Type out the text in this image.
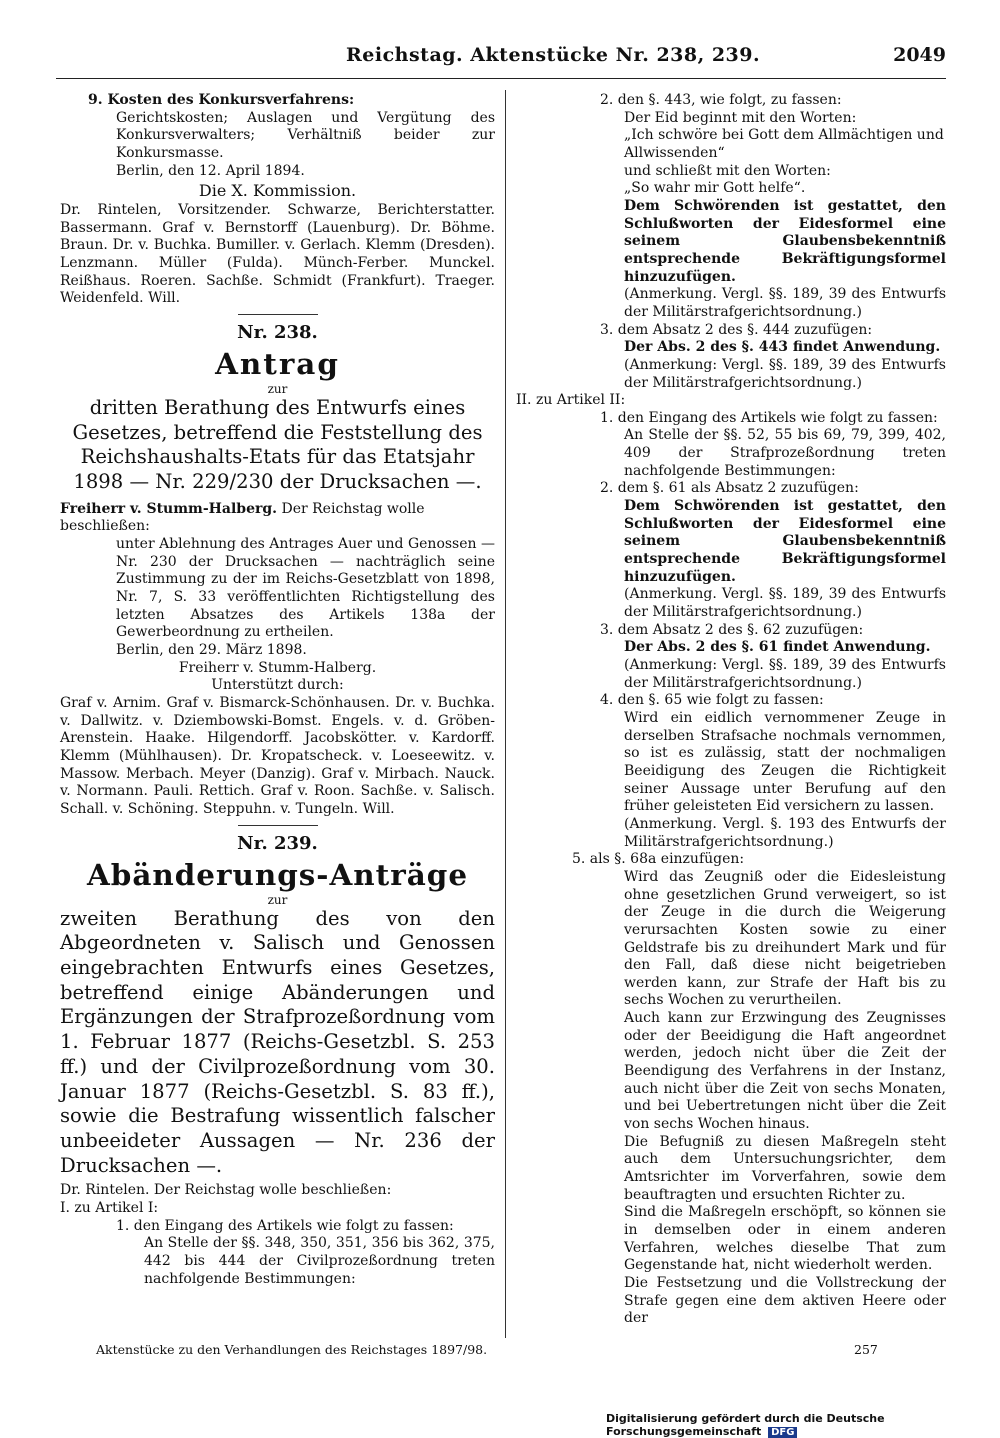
Reichstag. Aktenstücke Nr. 238, 239.	2049

9. Kosten des Konkursverfahrens:

Gerichtskosten; Auslagen und Vergütung des Konkursverwalters; Verhältniß beider zur Konkursmasse.

Berlin, den 12. April 1894.

Die X. Kommission.

Dr. Rintelen, Vorsitzender. Schwarze, Berichterstatter. Bassermann. Graf v. Bernstorff (Lauenburg). Dr. Böhme. Braun. Dr. v. Buchka. Bumiller. v. Gerlach. Klemm (Dresden). Lenzmann. Müller (Fulda). Münch-Ferber. Munckel. Reißhaus. Roeren. Sachße. Schmidt (Frankfurt). Traeger. Weidenfeld. Will.

Nr. 238.

Antrag

zur

dritten Berathung des Entwurfs eines Gesetzes, betreffend die Feststellung des Reichshaushalts-Etats für das Etatsjahr 1898 — Nr. 229/230 der Drucksachen —.

Freiherr v. Stumm-Halberg. Der Reichstag wolle beschließen:

unter Ablehnung des Antrages Auer und Genossen — Nr. 230 der Drucksachen — nachträglich seine Zustimmung zu der im Reichs-Gesetzblatt von 1898, Nr. 7, S. 33 veröffentlichten Richtigstellung des letzten Absatzes des Artikels 138a der Gewerbeordnung zu ertheilen.

Berlin, den 29. März 1898.

Freiherr v. Stumm-Halberg.

Unterstützt durch:

Graf v. Arnim. Graf v. Bismarck-Schönhausen. Dr. v. Buchka. v. Dallwitz. v. Dziembowski-Bomst. Engels. v. d. Gröben-Arenstein. Haake. Hilgendorff. Jacobskötter. v. Kardorff. Klemm (Mühlhausen). Dr. Kropatscheck. v. Loeseewitz. v. Massow. Merbach. Meyer (Danzig). Graf v. Mirbach. Nauck. v. Normann. Pauli. Rettich. Graf v. Roon. Sachße. v. Salisch. Schall. v. Schöning. Steppuhn. v. Tungeln. Will.

Nr. 239.

Abänderungs-Anträge

zur

zweiten Berathung des von den Abgeordneten v. Salisch und Genossen eingebrachten Entwurfs eines Gesetzes, betreffend einige Abänderungen und Ergänzungen der Strafprozeßordnung vom 1. Februar 1877 (Reichs-Gesetzbl. S. 253 ff.) und der Civilprozeßordnung vom 30. Januar 1877 (Reichs-Gesetzbl. S. 83 ff.), sowie die Bestrafung wissentlich falscher unbeeideter Aussagen — Nr. 236 der Drucksachen —.

Dr. Rintelen. Der Reichstag wolle beschließen:

I. zu Artikel I:

1. den Eingang des Artikels wie folgt zu fassen:

An Stelle der §§. 348, 350, 351, 356 bis 362, 375, 442 bis 444 der Civilprozeßordnung treten nachfolgende Bestimmungen:

2. den §. 443, wie folgt, zu fassen:

Der Eid beginnt mit den Worten:

„Ich schwöre bei Gott dem Allmächtigen und Allwissenden“

und schließt mit den Worten:

„So wahr mir Gott helfe“.

Dem Schwörenden ist gestattet, den Schlußworten der Eidesformel eine seinem Glaubensbekenntniß entsprechende Bekräftigungsformel hinzuzufügen.

(Anmerkung. Vergl. §§. 189, 39 des Entwurfs der Militärstrafgerichtsordnung.)

3. dem Absatz 2 des §. 444 zuzufügen:

Der Abs. 2 des §. 443 findet Anwendung.

(Anmerkung: Vergl. §§. 189, 39 des Entwurfs der Militärstrafgerichtsordnung.)

II. zu Artikel II:

1. den Eingang des Artikels wie folgt zu fassen:

An Stelle der §§. 52, 55 bis 69, 79, 399, 402, 409 der Strafprozeßordnung treten nachfolgende Bestimmungen:

2. dem §. 61 als Absatz 2 zuzufügen:

Dem Schwörenden ist gestattet, den Schlußworten der Eidesformel eine seinem Glaubensbekenntniß entsprechende Bekräftigungsformel hinzuzufügen.

(Anmerkung. Vergl. §§. 189, 39 des Entwurfs der Militärstrafgerichtsordnung.)

3. dem Absatz 2 des §. 62 zuzufügen:

Der Abs. 2 des §. 61 findet Anwendung.

(Anmerkung: Vergl. §§. 189, 39 des Entwurfs der Militärstrafgerichtsordnung.)

4. den §. 65 wie folgt zu fassen:

Wird ein eidlich vernommener Zeuge in derselben Strafsache nochmals vernommen, so ist es zulässig, statt der nochmaligen Beeidigung des Zeugen die Richtigkeit seiner Aussage unter Berufung auf den früher geleisteten Eid versichern zu lassen.

(Anmerkung. Vergl. §. 193 des Entwurfs der Militärstrafgerichtsordnung.)

5. als §. 68a einzufügen:

Wird das Zeugniß oder die Eidesleistung ohne gesetzlichen Grund verweigert, so ist der Zeuge in die durch die Weigerung verursachten Kosten sowie zu einer Geldstrafe bis zu dreihundert Mark und für den Fall, daß diese nicht beigetrieben werden kann, zur Strafe der Haft bis zu sechs Wochen zu verurtheilen.

Auch kann zur Erzwingung des Zeugnisses oder der Beeidigung die Haft angeordnet werden, jedoch nicht über die Zeit der Beendigung des Verfahrens in der Instanz, auch nicht über die Zeit von sechs Monaten, und bei Uebertretungen nicht über die Zeit von sechs Wochen hinaus.

Die Befugniß zu diesen Maßregeln steht auch dem Untersuchungsrichter, dem Amtsrichter im Vorverfahren, sowie dem beauftragten und ersuchten Richter zu.

Sind die Maßregeln erschöpft, so können sie in demselben oder in einem anderen Verfahren, welches dieselbe That zum Gegenstande hat, nicht wiederholt werden.

Die Festsetzung und die Vollstreckung der Strafe gegen eine dem aktiven Heere oder der

Aktenstücke zu den Verhandlungen des Reichstages 1897/98.	257
Digitalisierung gefördert durch die Deutsche Forschungsgemeinschaft DFG
